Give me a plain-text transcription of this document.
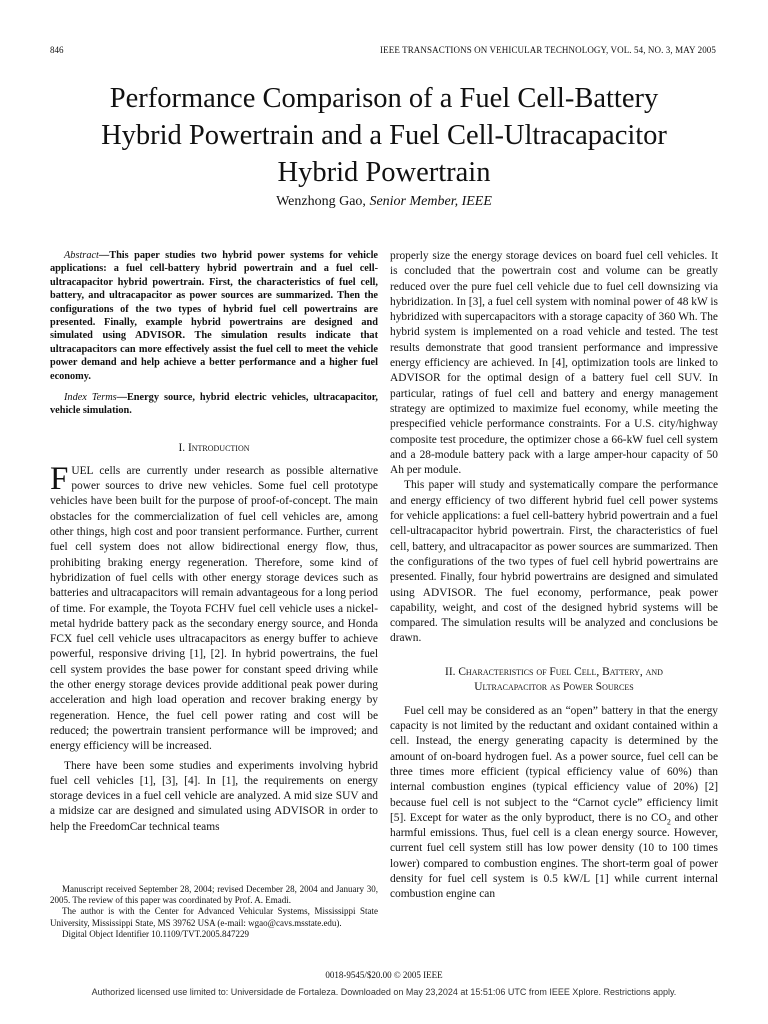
846	IEEE TRANSACTIONS ON VEHICULAR TECHNOLOGY, VOL. 54, NO. 3, MAY 2005
Performance Comparison of a Fuel Cell-Battery
Hybrid Powertrain and a Fuel Cell-Ultracapacitor
Hybrid Powertrain
Wenzhong Gao, Senior Member, IEEE

Abstract—This paper studies two hybrid power systems for vehicle applications: a fuel cell-battery hybrid powertrain and a fuel cell-ultracapacitor hybrid powertrain. First, the characteristics of fuel cell, battery, and ultracapacitor as power sources are summarized. Then the configurations of the two types of hybrid fuel cell powertrains are presented. Finally, example hybrid powertrains are designed and simulated using ADVISOR. The simulation results indicate that ultracapacitors can more effectively assist the fuel cell to meet the vehicle power demand and help achieve a better performance and a higher fuel economy.

Index Terms—Energy source, hybrid electric vehicles, ultracapacitor, vehicle simulation.

I. Introduction

FUEL cells are currently under research as possible alternative power sources to drive new vehicles. Some fuel cell prototype vehicles have been built for the purpose of proof-of-concept. The main obstacles for the commercialization of fuel cell vehicles are, among other things, high cost and poor transient performance. Further, current fuel cell system does not allow bidirectional energy flow, thus, prohibiting braking energy regeneration. Therefore, some kind of hybridization of fuel cells with other energy storage devices such as batteries and ultracapacitors will remain advantageous for a long period of time. For example, the Toyota FCHV fuel cell vehicle uses a nickel-metal hydride battery pack as the secondary energy source, and Honda FCX fuel cell vehicle uses ultracapacitors as energy buffer to achieve powerful, responsive driving [1], [2]. In hybrid powertrains, the fuel cell system provides the base power for constant speed driving while the other energy storage devices provide additional peak power during acceleration and high load operation and recover braking energy by regeneration. Hence, the fuel cell power rating and cost will be reduced; the powertrain transient performance will be improved; and energy efficiency will be increased.

There have been some studies and experiments involving hybrid fuel cell vehicles [1], [3], [4]. In [1], the requirements on energy storage devices in a fuel cell vehicle are analyzed. A mid size SUV and a midsize car are designed and simulated using ADVISOR in order to help the FreedomCar technical teams

Manuscript received September 28, 2004; revised December 28, 2004 and January 30, 2005. The review of this paper was coordinated by Prof. A. Emadi.

The author is with the Center for Advanced Vehicular Systems, Mississippi State University, Mississippi State, MS 39762 USA (e-mail: wgao@cavs.msstate.edu).

Digital Object Identifier 10.1109/TVT.2005.847229

properly size the energy storage devices on board fuel cell vehicles. It is concluded that the powertrain cost and volume can be greatly reduced over the pure fuel cell vehicle due to fuel cell downsizing via hybridization. In [3], a fuel cell system with nominal power of 48 kW is hybridized with supercapacitors with a storage capacity of 360 Wh. The hybrid system is implemented on a road vehicle and tested. The test results demonstrate that good transient performance and impressive energy efficiency are achieved. In [4], optimization tools are linked to ADVISOR for the optimal design of a battery fuel cell SUV. In particular, ratings of fuel cell and battery and energy management strategy are optimized to maximize fuel economy, while meeting the prespecified vehicle performance constraints. For a U.S. city/highway composite test procedure, the optimizer chose a 66-kW fuel cell system and a 28-module battery pack with a large amper-hour capacity of 50 Ah per module.

This paper will study and systematically compare the performance and energy efficiency of two different hybrid fuel cell power systems for vehicle applications: a fuel cell-battery hybrid powertrain and a fuel cell-ultracapacitor hybrid powertrain. First, the characteristics of fuel cell, battery, and ultracapacitor as power sources are summarized. Then the configurations of the two types of fuel cell hybrid powertrains are presented. Finally, four hybrid powertrains are designed and simulated using ADVISOR. The fuel economy, performance, peak power capability, weight, and cost of the designed hybrid systems will be compared. The simulation results will be analyzed and conclusions be drawn.

II. Characteristics of Fuel Cell, Battery, and
Ultracapacitor as Power Sources

Fuel cell may be considered as an “open” battery in that the energy capacity is not limited by the reductant and oxidant contained within a cell. Instead, the energy generating capacity is determined by the amount of on-board hydrogen fuel. As a power source, fuel cell can be three times more efficient (typical efficiency value of 60%) than internal combustion engines (typical efficiency value of 20%) [2] because fuel cell is not subject to the “Carnot cycle” efficiency limit [5]. Except for water as the only byproduct, there is no $CO_2$ and other harmful emissions. Thus, fuel cell is a clean energy source. However, current fuel cell system still has low power density (10 to 100 times lower) compared to combustion engines. The short-term goal of power density for fuel cell system is 0.5 kW/L [1] while current internal combustion engine can

0018-9545/$20.00 © 2005 IEEE
Authorized licensed use limited to: Universidade de Fortaleza. Downloaded on May 23,2024 at 15:51:06 UTC from IEEE Xplore. Restrictions apply.
